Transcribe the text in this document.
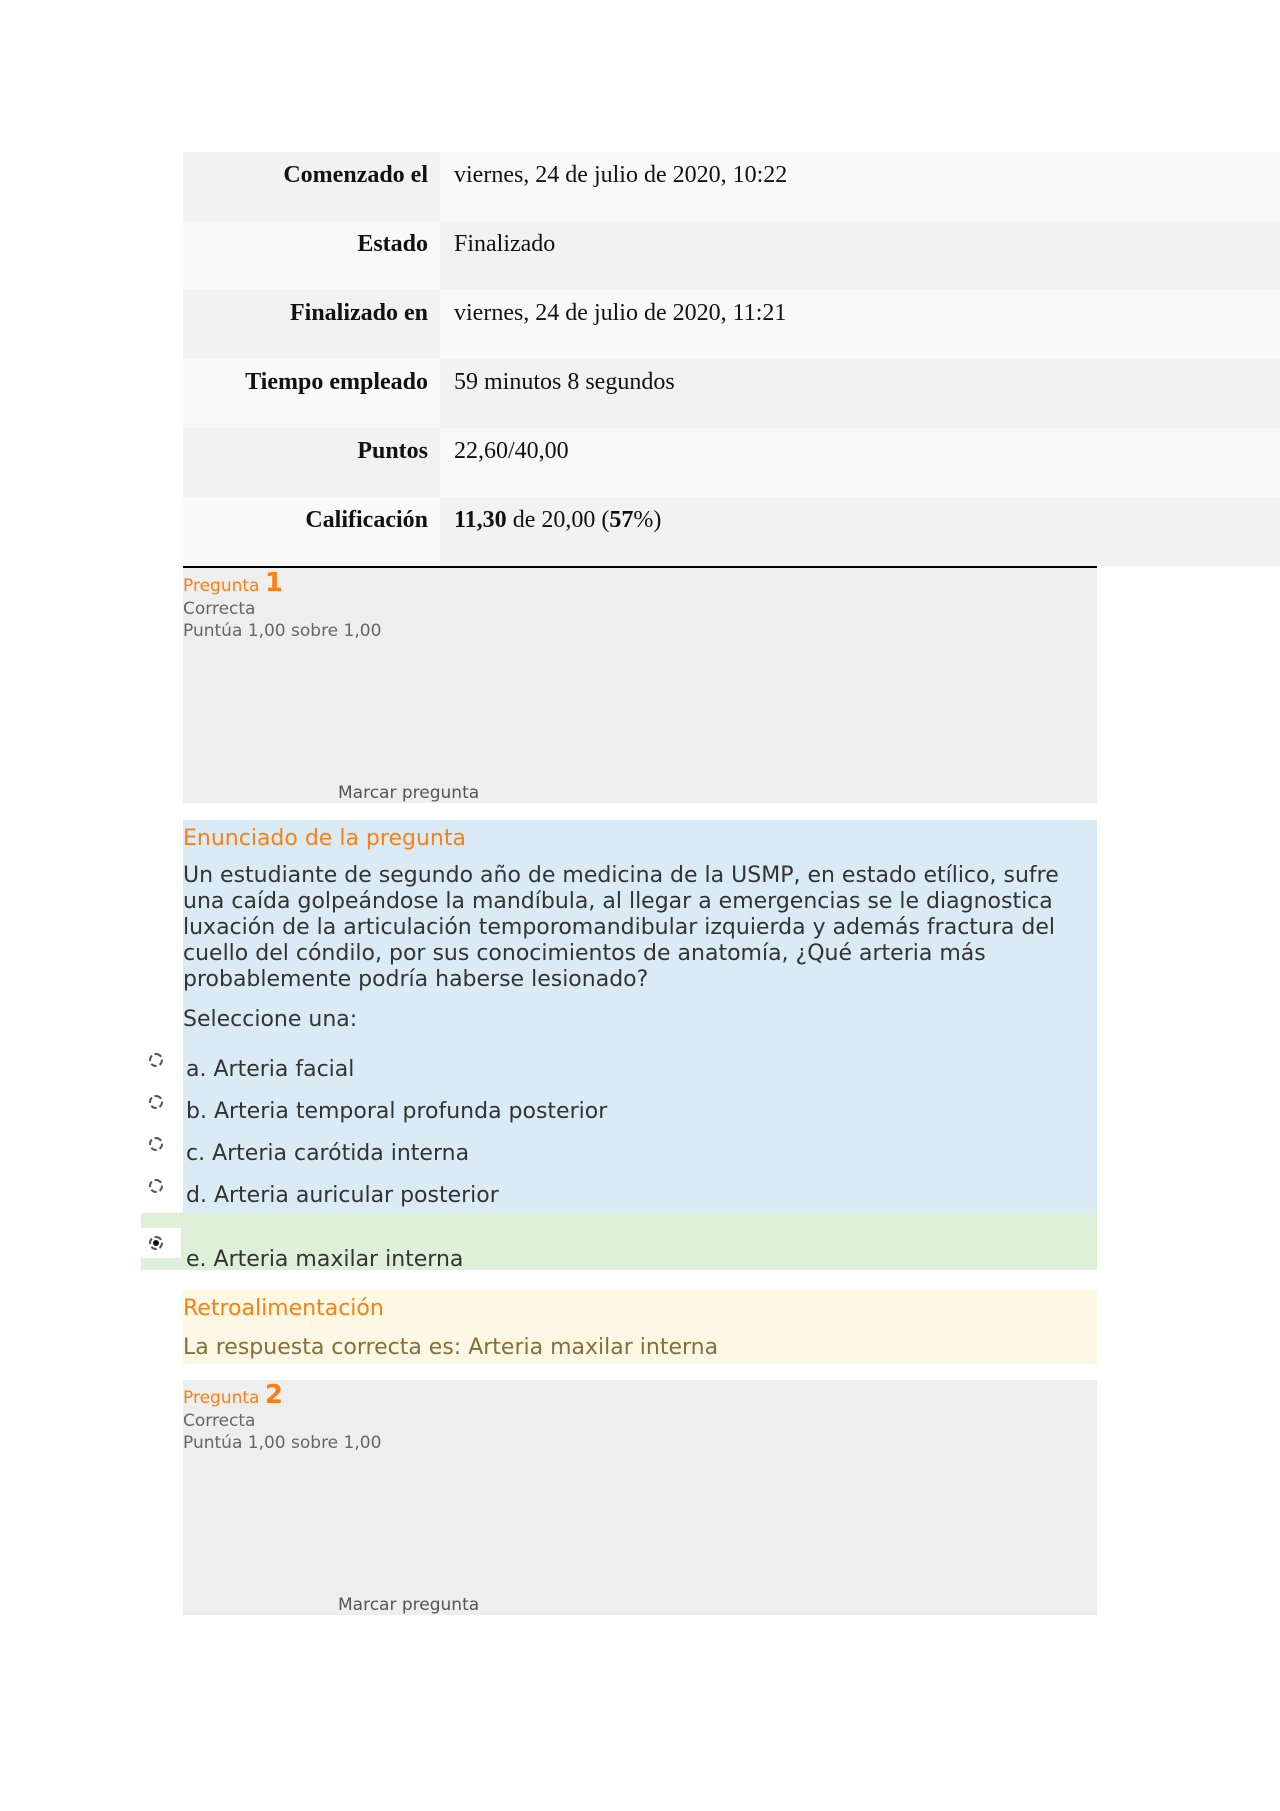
Comenzado el	viernes, 24 de julio de 2020, 10:22
Estado	Finalizado
Finalizado en	viernes, 24 de julio de 2020, 11:21
Tiempo empleado	59 minutos 8 segundos
Puntos	22,60/40,00
Calificación	11,30 de 20,00 (57%)
Pregunta 1
Correcta
Puntúa 1,00 sobre 1,00
Marcar pregunta
Enunciado de la pregunta
Un estudiante de segundo año de medicina de la USMP, en estado etílico, sufre una caída golpeándose la mandíbula, al llegar a emergencias se le diagnostica luxación de la articulación temporomandibular izquierda y además fractura del cuello del cóndilo, por sus conocimientos de anatomía, ¿Qué arteria más probablemente podría haberse lesionado?
Seleccione una:
a. Arteria facial
b. Arteria temporal profunda posterior
c. Arteria carótida interna
d. Arteria auricular posterior
e. Arteria maxilar interna
Retroalimentación
La respuesta correcta es: Arteria maxilar interna
Pregunta 2
Correcta
Puntúa 1,00 sobre 1,00
Marcar pregunta
